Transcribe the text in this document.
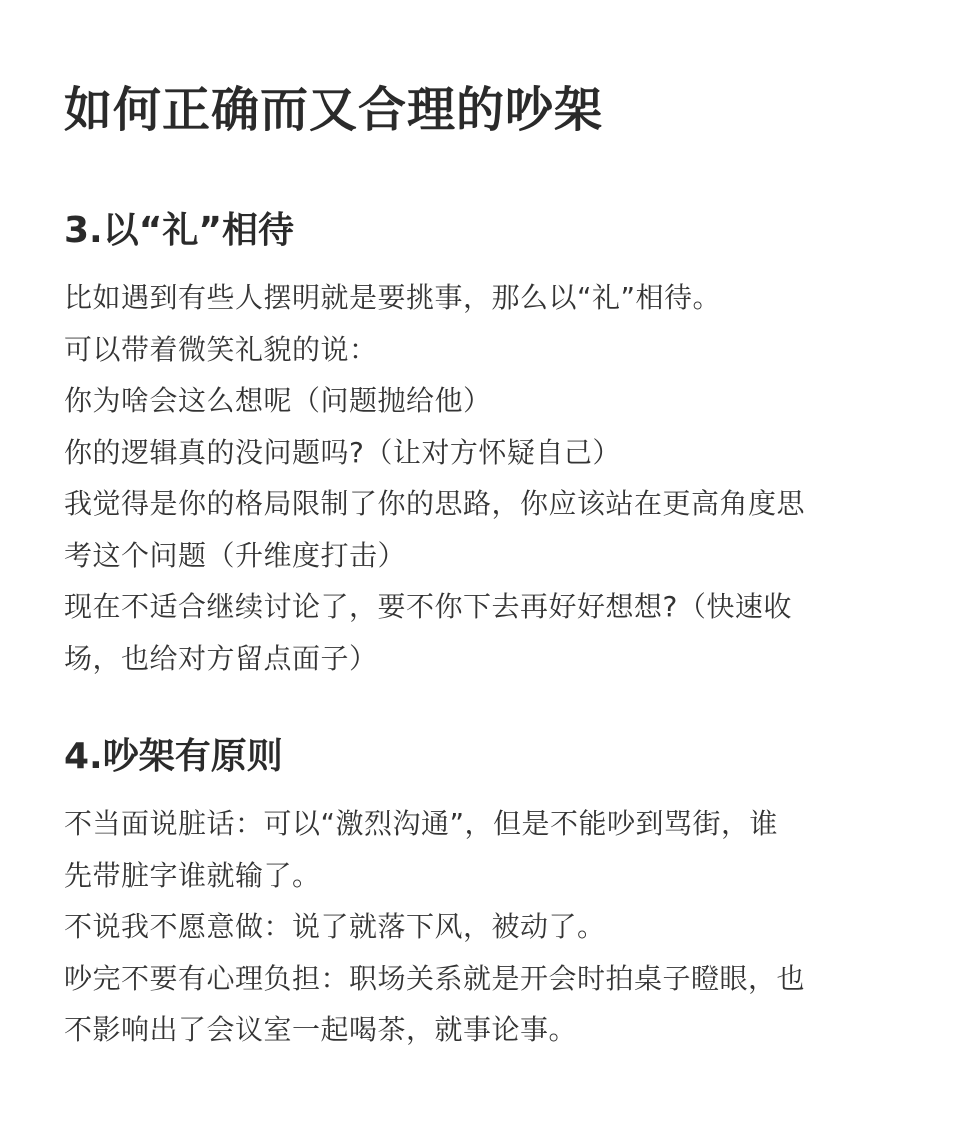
如何正确而又合理的吵架
3.以“礼”相待
比如遇到有些人摆明就是要挑事，那么以“礼”相待。
可以带着微笑礼貌的说：
你为啥会这么想呢（问题抛给他）
你的逻辑真的没问题吗?（让对方怀疑自己）
我觉得是你的格局限制了你的思路，你应该站在更高角度思
考这个问题（升维度打击）
现在不适合继续讨论了，要不你下去再好好想想?（快速收
场，也给对方留点面子）
4.吵架有原则
不当面说脏话：可以“激烈沟通”，但是不能吵到骂街，谁
先带脏字谁就输了。
不说我不愿意做：说了就落下风，被动了。
吵完不要有心理负担：职场关系就是开会时拍桌子瞪眼，也
不影响出了会议室一起喝茶，就事论事。
